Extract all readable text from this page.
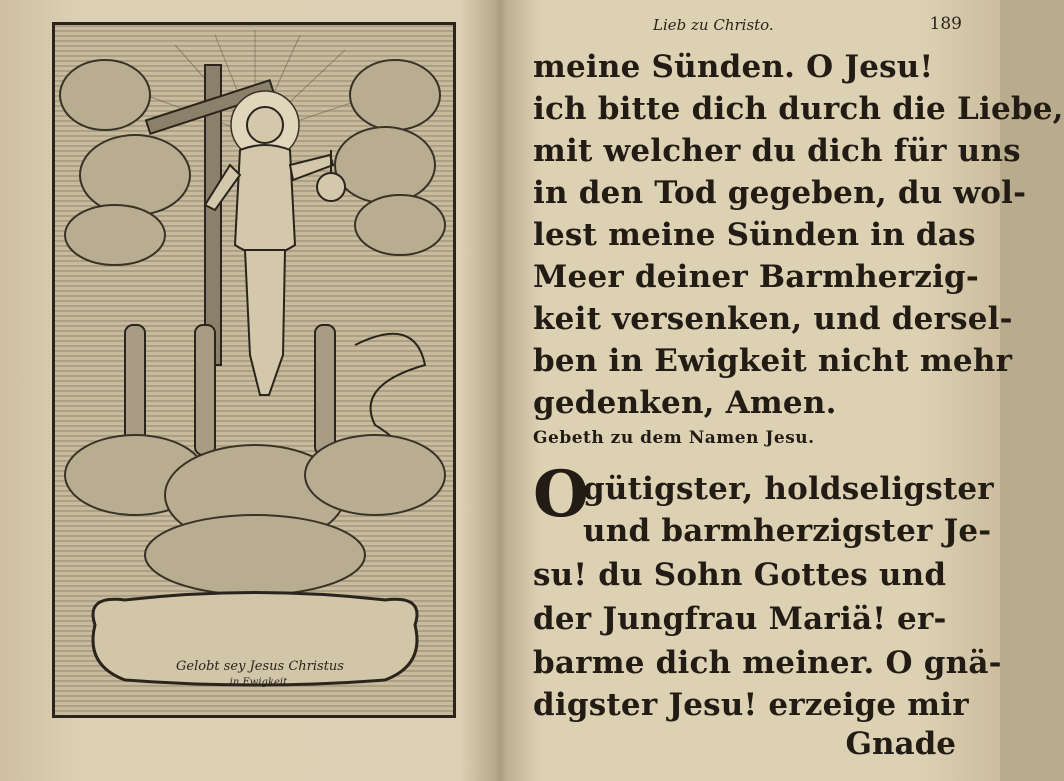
Gelobt sey Jesus Christus
in Ewigkeit.
Lieb zu Christo.	189
meine Sünden. O Jesu!
ich bitte dich durch die Liebe,
mit welcher du dich für uns
in den Tod gegeben, du wol-
lest meine Sünden in das
Meer deiner Barmherzig-
keit versenken, und dersel-
ben in Ewigkeit nicht mehr
gedenken, Amen.
Gebeth zu dem Namen Jesu.
O
gütigster, holdseligster
und barmherzigster Je-
su! du Sohn Gottes und
der Jungfrau Mariä! er-
barme dich meiner. O gnä-
digster Jesu! erzeige mir
Gnade
